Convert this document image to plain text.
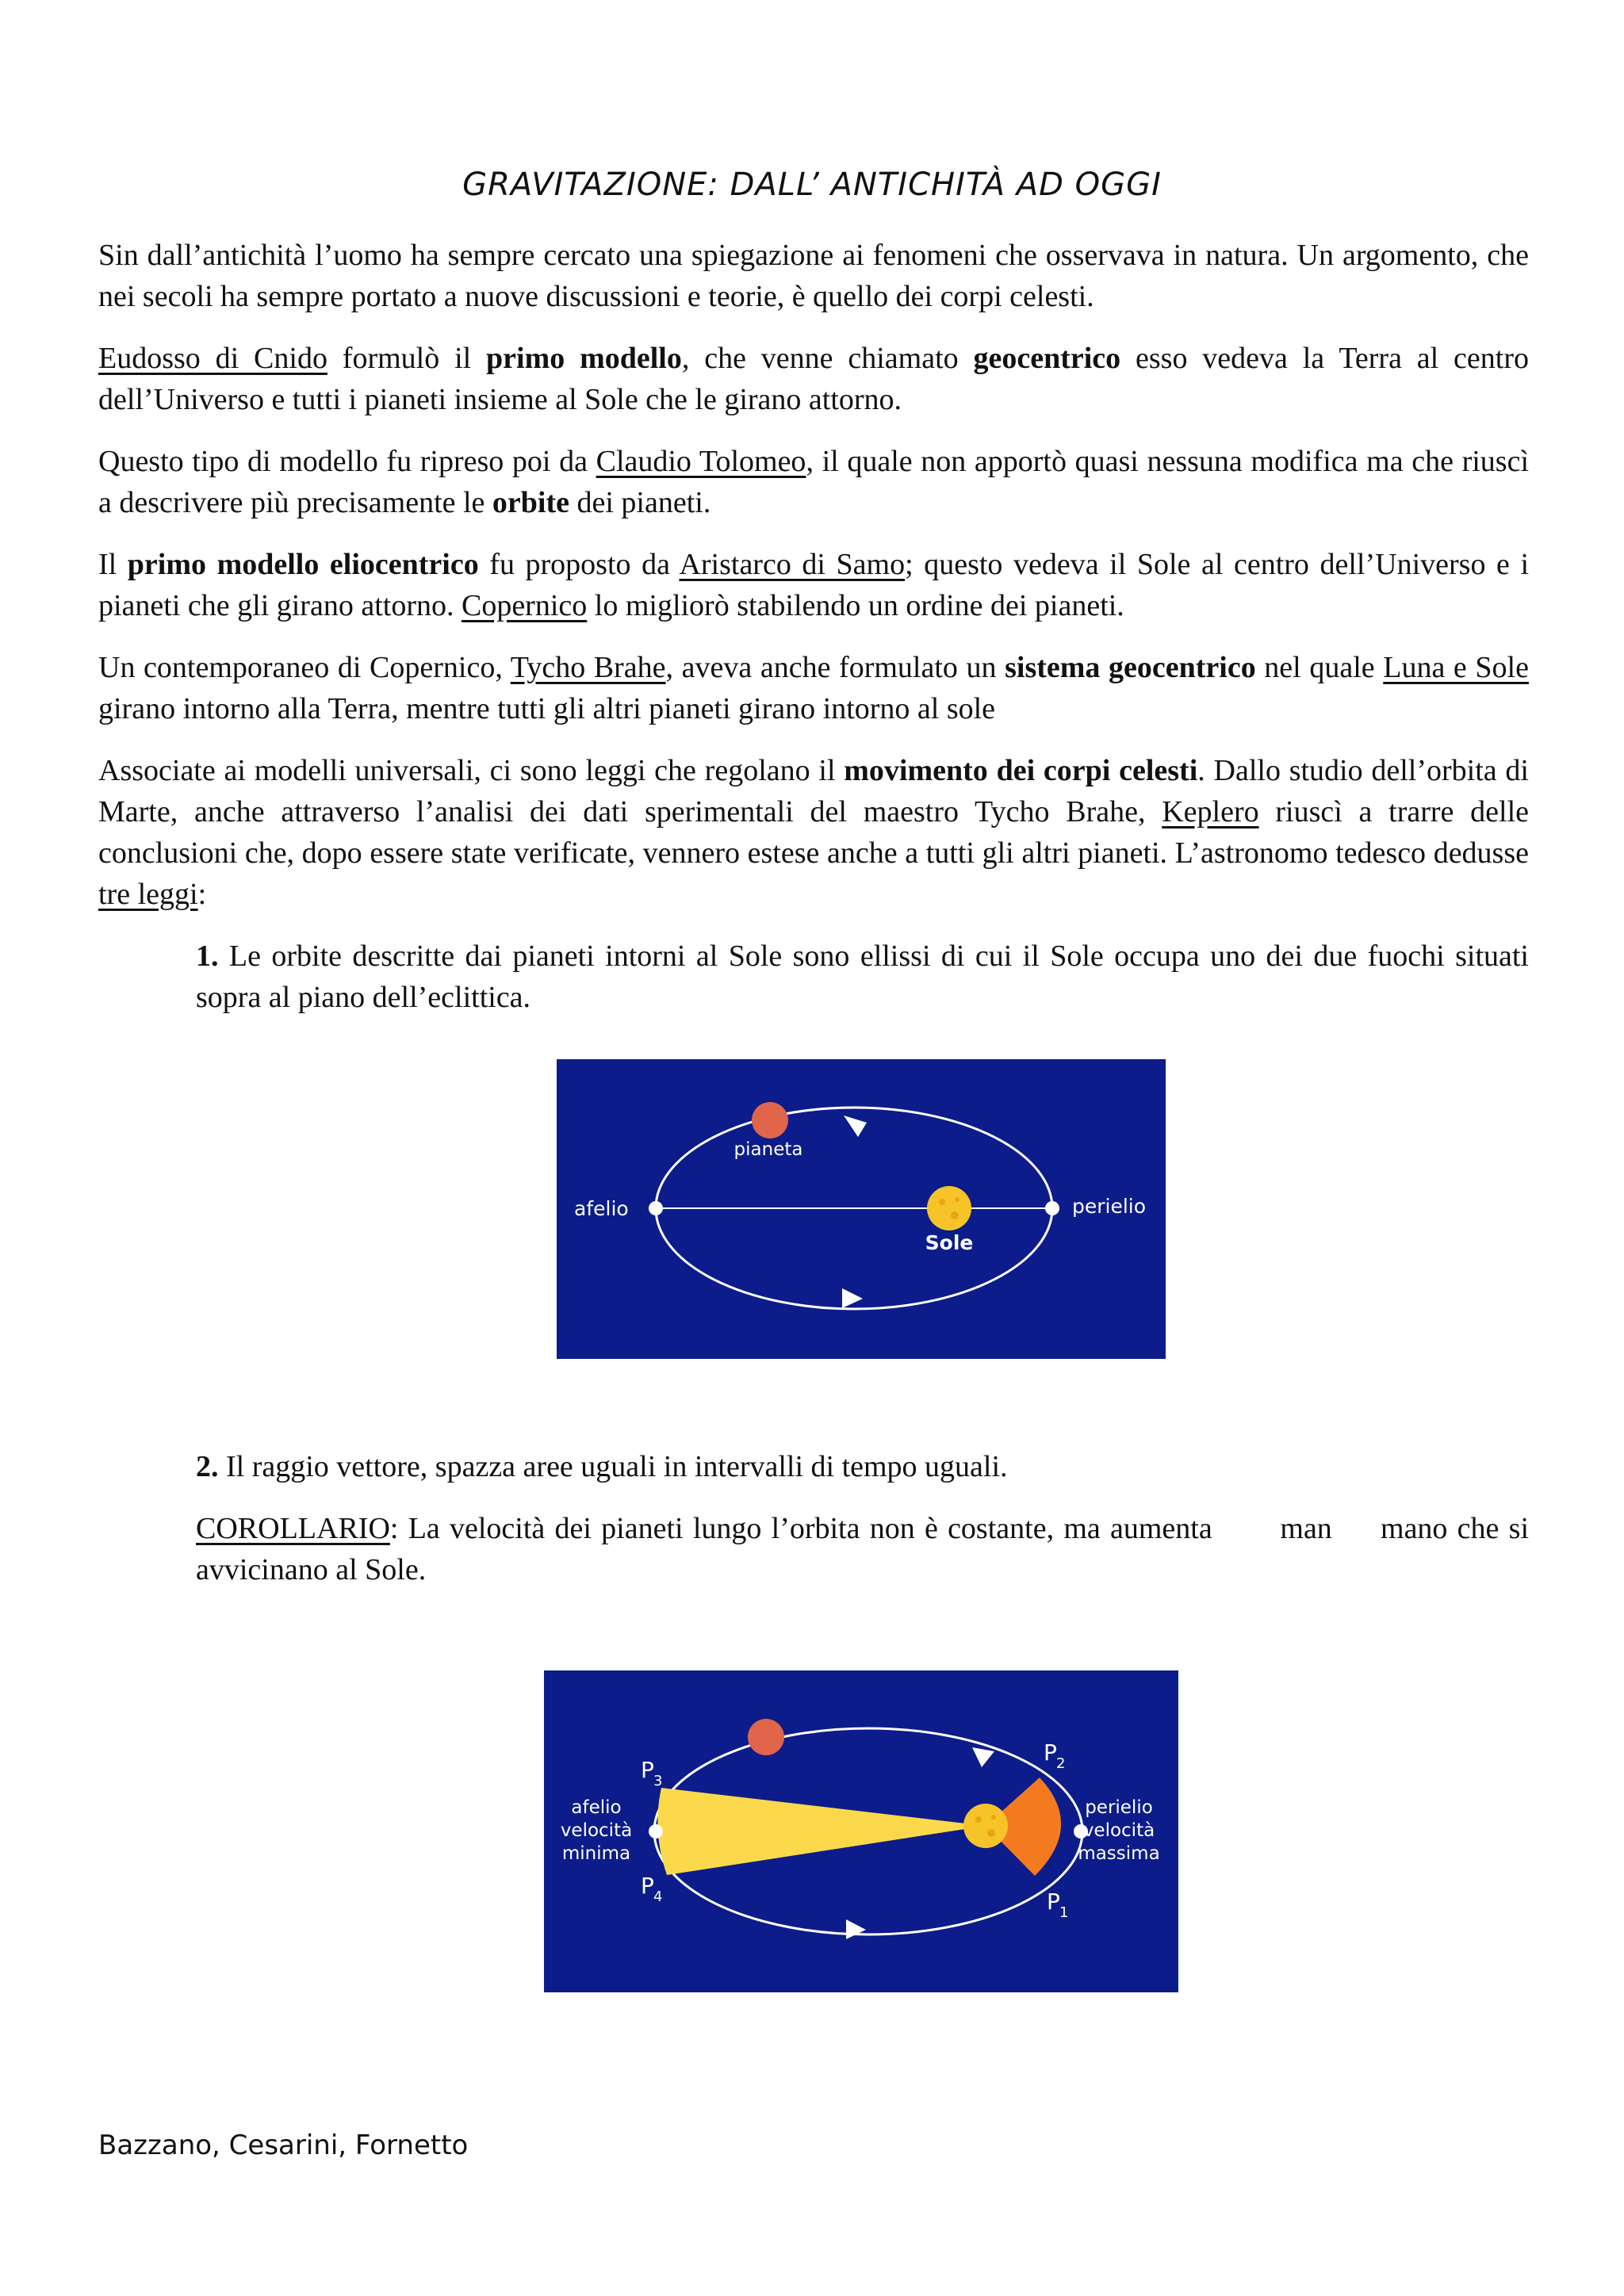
GRAVITAZIONE: DALL’ ANTICHITÀ AD OGGI

Sin dall’antichità l’uomo ha sempre cercato una spiegazione ai fenomeni che osservava in natura. Un argomento, che nei secoli ha sempre portato a nuove discussioni e teorie, è quello dei corpi celesti.

Eudosso di Cnido formulò il primo modello, che venne chiamato geocentrico esso vedeva la Terra al centro dell’Universo e tutti i pianeti insieme al Sole che le girano attorno.

Questo tipo di modello fu ripreso poi da Claudio Tolomeo, il quale non apportò quasi nessuna modifica ma che riuscì a descrivere più precisamente le orbite dei pianeti.

Il primo modello eliocentrico fu proposto da Aristarco di Samo; questo vedeva il Sole al centro dell’Universo e i pianeti che gli girano attorno. Copernico lo migliorò stabilendo un ordine dei pianeti.

Un contemporaneo di Copernico, Tycho Brahe, aveva anche formulato un sistema geocentrico nel quale Luna e Sole girano intorno alla Terra, mentre tutti gli altri pianeti girano intorno al sole

Associate ai modelli universali, ci sono leggi che regolano il movimento dei corpi celesti. Dallo studio dell’orbita di Marte, anche attraverso l’analisi dei dati sperimentali del maestro Tycho Brahe, Keplero riuscì a trarre delle conclusioni che, dopo essere state verificate, vennero estese anche a tutti gli altri pianeti. L’astronomo tedesco dedusse tre leggi:

1. Le orbite descritte dai pianeti intorni al Sole sono ellissi di cui il Sole occupa uno dei due fuochi situati sopra al piano dell’eclittica.

pianeta
afelio	perielio
Sole

2. Il raggio vettore, spazza aree uguali in intervalli di tempo uguali.

COROLLARIO: La velocità dei pianeti lungo l’orbita non è costante, ma aumenta       man     mano che si avvicinano al Sole.

afelio
velocità
minima
perielio
velocità
massima
P 3
P 4
P 2
P 1
Bazzano, Cesarini, Fornetto
